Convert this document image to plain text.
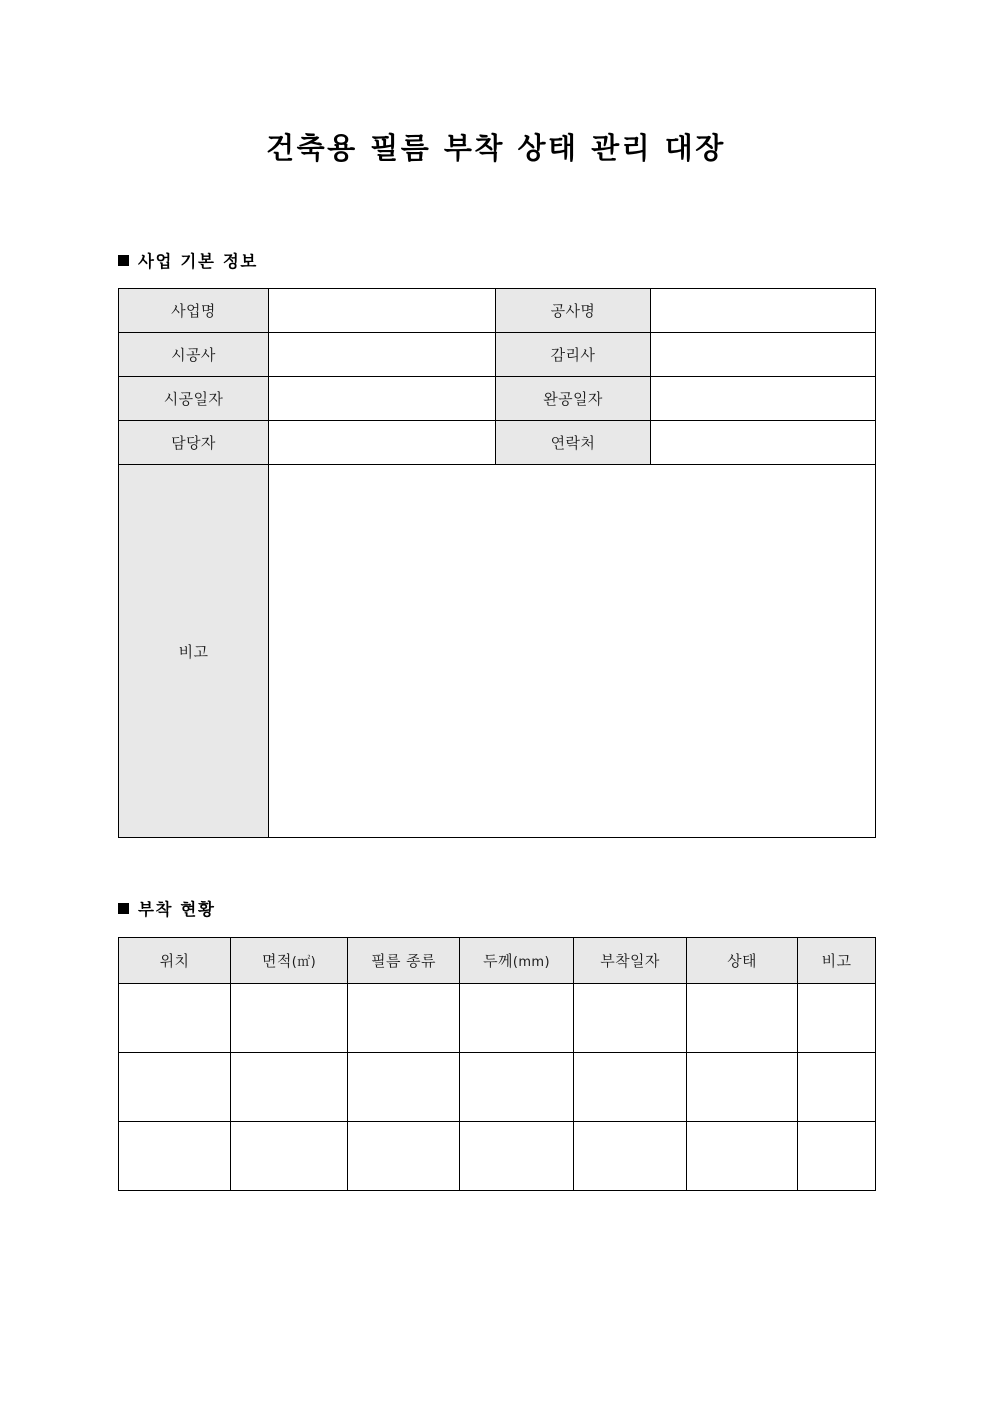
건축용 필름 부착 상태 관리 대장
사업 기본 정보
사업명		공사명	
시공사		감리사	
시공일자		완공일자	
담당자		연락처	
비고			
부착 현황
위치	면적(㎡)	필름 종류	두께(mm)	부착일자	상태	비고
